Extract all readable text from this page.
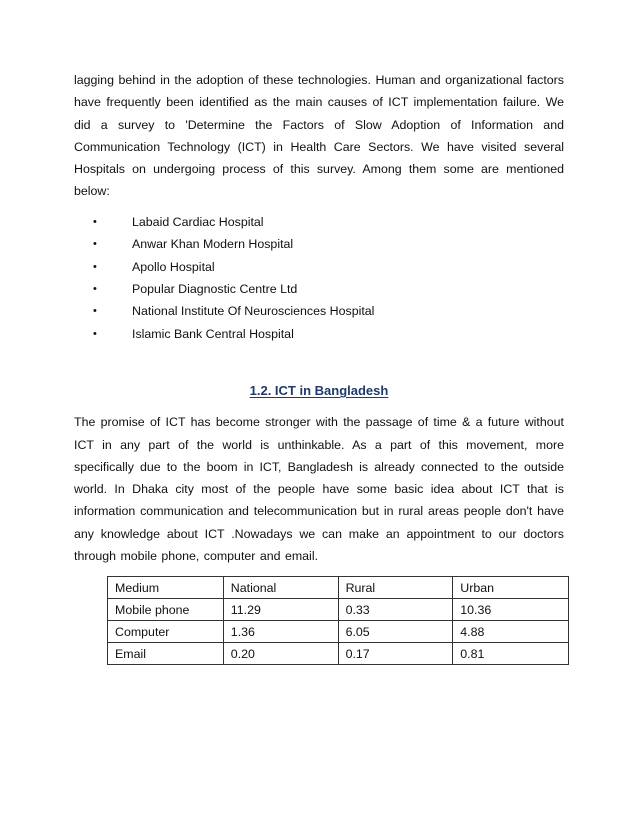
lagging behind in the adoption of these technologies. Human and organizational factors have frequently been identified as the main causes of ICT implementation failure. We did a survey to 'Determine the Factors of Slow Adoption of Information and Communication Technology (ICT) in Health Care Sectors. We have visited several Hospitals on undergoing process of this survey. Among them some are mentioned below:

•	Labaid Cardiac Hospital
•	Anwar Khan Modern Hospital
•	Apollo Hospital
•	Popular Diagnostic Centre Ltd
•	National Institute Of Neurosciences Hospital
•	Islamic Bank Central Hospital
1.2. ICT in Bangladesh

The promise of ICT has become stronger with the passage of time & a future without ICT in any part of the world is unthinkable. As a part of this movement, more specifically due to the boom in ICT, Bangladesh is already connected to the outside world. In Dhaka city most of the people have some basic idea about ICT that is information communication and telecommunication but in rural areas people don't have any knowledge about ICT .Nowadays we can make an appointment to our doctors through mobile phone, computer and email.

Medium	National	Rural	Urban
Mobile phone	11.29	0.33	10.36
Computer	1.36	6.05	4.88
Email	0.20	0.17	0.81
